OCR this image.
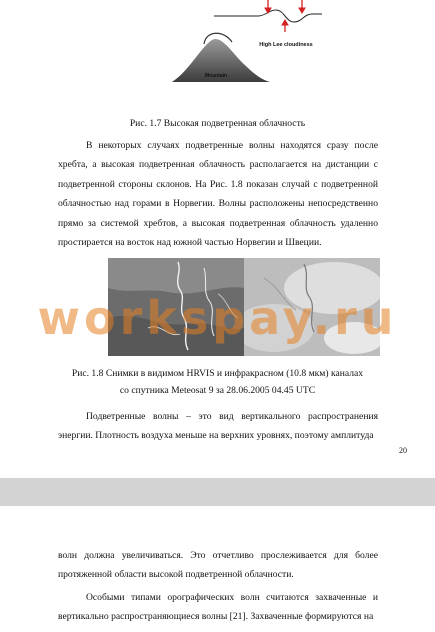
High Lee cloudiness
Mountain
Рис. 1.7 Высокая подветренная облачность

В некоторых случаях подветренные волны находятся сразу после хребта, а высокая подветренная облачность располагается на дистанции с подветренной стороны склонов. На Рис. 1.8 показан случай с подветренной облачностью над горами в Норвегии. Волны расположены непосредственно прямо за системой хребтов, а высокая подветренная облачность удаленно простирается на восток над южной частью Норвегии и Швеции.

Рис. 1.8 Снимки в видимом HRVIS и инфракрасном (10.8 мкм) каналах
со спутника Meteosat 9 за 28.06.2005 04.45 UTC

Подветренные волны – это вид вертикального распространения энергии. Плотность воздуха меньше на верхних уровнях, поэтому амплитуда

20
workspay.ru

волн должна увеличиваться. Это отчетливо прослеживается для более протяженной области высокой подветренной облачности.

Особыми типами орографических волн считаются захваченные и вертикально распространяющиеся волны [21]. Захваченные формируются на
